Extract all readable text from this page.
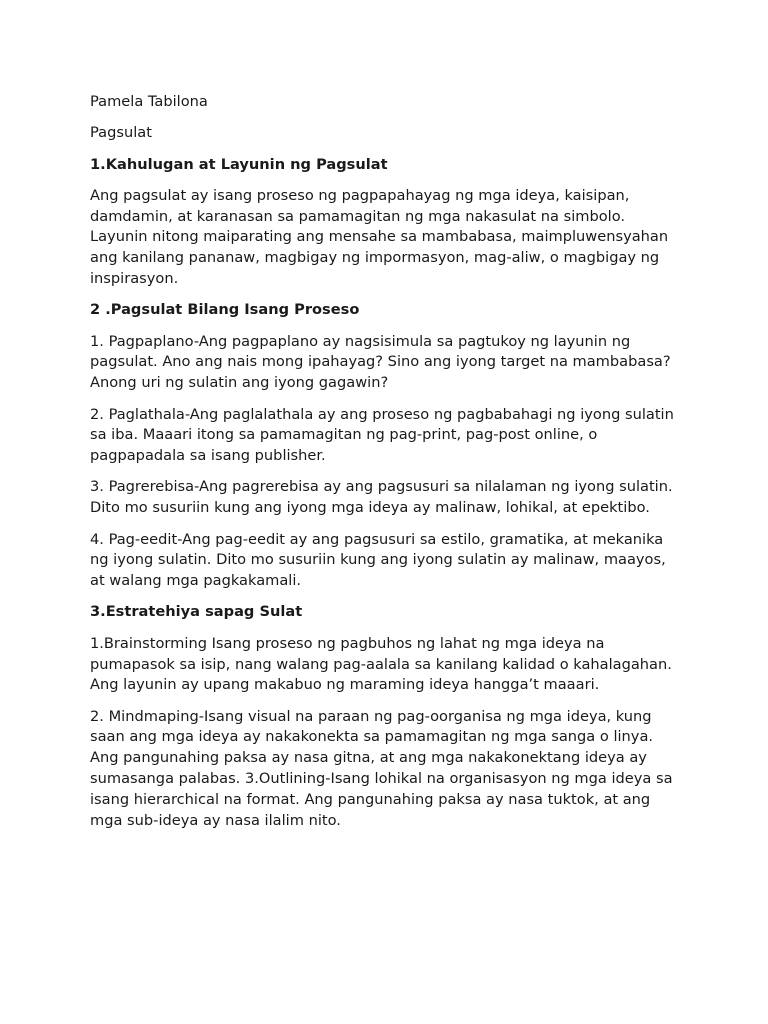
Pamela Tabilona

Pagsulat

1.Kahulugan at Layunin ng Pagsulat

Ang pagsulat ay isang proseso ng pagpapahayag ng mga ideya, kaisipan, damdamin, at karanasan sa pamamagitan ng mga nakasulat na simbolo. Layunin nitong maiparating ang mensahe sa mambabasa, maimpluwensyahan ang kanilang pananaw, magbigay ng impormasyon, mag-aliw, o magbigay ng inspirasyon.

2 .Pagsulat Bilang Isang Proseso

1. Pagpaplano-Ang pagpaplano ay nagsisimula sa pagtukoy ng layunin ng pagsulat. Ano ang nais mong ipahayag? Sino ang iyong target na mambabasa? Anong uri ng sulatin ang iyong gagawin?

2. Paglathala-Ang paglalathala ay ang proseso ng pagbabahagi ng iyong sulatin sa iba. Maaari itong sa pamamagitan ng pag-print, pag-post online, o pagpapadala sa isang publisher.

3. Pagrerebisa-Ang pagrerebisa ay ang pagsusuri sa nilalaman ng iyong sulatin. Dito mo susuriin kung ang iyong mga ideya ay malinaw, lohikal, at epektibo.

4. Pag-eedit-Ang pag-eedit ay ang pagsusuri sa estilo, gramatika, at mekanika ng iyong sulatin. Dito mo susuriin kung ang iyong sulatin ay malinaw, maayos, at walang mga pagkakamali.

3.Estratehiya sapag Sulat

1.Brainstorming Isang proseso ng pagbuhos ng lahat ng mga ideya na pumapasok sa isip, nang walang pag-aalala sa kanilang kalidad o kahalagahan. Ang layunin ay upang makabuo ng maraming ideya hangga’t maaari.

2. Mindmaping-Isang visual na paraan ng pag-oorganisa ng mga ideya, kung saan ang mga ideya ay nakakonekta sa pamamagitan ng mga sanga o linya. Ang pangunahing paksa ay nasa gitna, at ang mga nakakonektang ideya ay sumasanga palabas. 3.Outlining-Isang lohikal na organisasyon ng mga ideya sa isang hierarchical na format. Ang pangunahing paksa ay nasa tuktok, at ang mga sub-ideya ay nasa ilalim nito.
